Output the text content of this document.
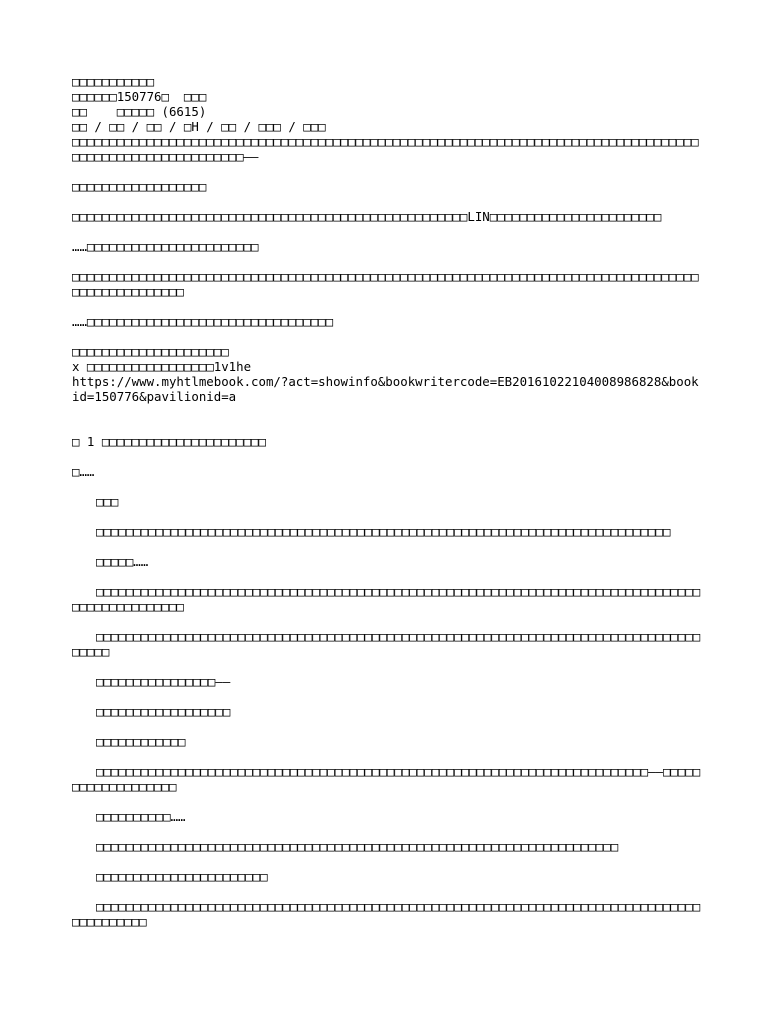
□□□□□□□□□□□

□□□□□□150776□  □□□

□□    □□□□□ (6615)

□□ / □□ / □□ / □H / □□ / □□□ / □□□

□□□□□□□□□□□□□□□□□□□□□□□□□□□□□□□□□□□□□□□□□□□□□□□□□□□□□□□□□□□□□□□□□□□□□□□□□□□□□□□□□□□□□□□□□□□□□□□□□□□□□□□□□□□——

□□□□□□□□□□□□□□□□□□

□□□□□□□□□□□□□□□□□□□□□□□□□□□□□□□□□□□□□□□□□□□□□□□□□□□□□LIN□□□□□□□□□□□□□□□□□□□□□□□

……□□□□□□□□□□□□□□□□□□□□□□□

□□□□□□□□□□□□□□□□□□□□□□□□□□□□□□□□□□□□□□□□□□□□□□□□□□□□□□□□□□□□□□□□□□□□□□□□□□□□□□□□□□□□□□□□□□□□□□□□□□□

……□□□□□□□□□□□□□□□□□□□□□□□□□□□□□□□□□

□□□□□□□□□□□□□□□□□□□□□

x □□□□□□□□□□□□□□□□□1v1he

https://www.myhtlmebook.com/?act=showinfo&bookwritercode=EB20161022104008986828&bookid=150776&pavilionid=a

□ 1 □□□□□□□□□□□□□□□□□□□□□□

□……

□□□

□□□□□□□□□□□□□□□□□□□□□□□□□□□□□□□□□□□□□□□□□□□□□□□□□□□□□□□□□□□□□□□□□□□□□□□□□□□□□

□□□□□……

□□□□□□□□□□□□□□□□□□□□□□□□□□□□□□□□□□□□□□□□□□□□□□□□□□□□□□□□□□□□□□□□□□□□□□□□□□□□□□□□□□□□□□□□□□□□□□□□

□□□□□□□□□□□□□□□□□□□□□□□□□□□□□□□□□□□□□□□□□□□□□□□□□□□□□□□□□□□□□□□□□□□□□□□□□□□□□□□□□□□□□□

□□□□□□□□□□□□□□□□——

□□□□□□□□□□□□□□□□□□

□□□□□□□□□□□□

□□□□□□□□□□□□□□□□□□□□□□□□□□□□□□□□□□□□□□□□□□□□□□□□□□□□□□□□□□□□□□□□□□□□□□□□□□——□□□□□□□□□□□□□□□□□□□

□□□□□□□□□□……

□□□□□□□□□□□□□□□□□□□□□□□□□□□□□□□□□□□□□□□□□□□□□□□□□□□□□□□□□□□□□□□□□□□□□□

□□□□□□□□□□□□□□□□□□□□□□□

□□□□□□□□□□□□□□□□□□□□□□□□□□□□□□□□□□□□□□□□□□□□□□□□□□□□□□□□□□□□□□□□□□□□□□□□□□□□□□□□□□□□□□□□□□□
